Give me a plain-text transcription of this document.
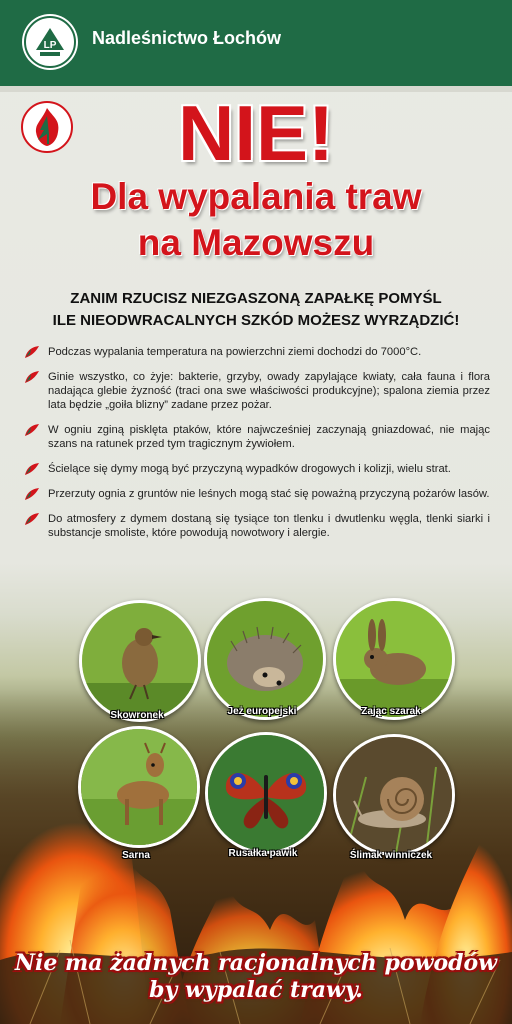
LP Nadleśnictwo Łochów
NIE!
Dla wypalania traw
na Mazowszu
ZANIM RZUCISZ NIEZGASZONĄ ZAPAŁKĘ POMYŚL
ILE NIEODWRACALNYCH SZKÓD MOŻESZ WYRZĄDZIĆ!
Podczas wypalania temperatura na powierzchni ziemi dochodzi do 7000°C.
Ginie wszystko, co żyje: bakterie, grzyby, owady zapylające kwiaty, cała fauna i flora nadająca glebie żyzność (traci ona swe właściwości produkcyjne); spalona ziemia przez lata będzie „goiła blizny” zadane przez pożar.
W ogniu zginą pisklęta ptaków, które najwcześniej zaczynają gniazdować, nie mając szans na ratunek przed tym tragicznym żywiołem.
Ścielące się dymy mogą być przyczyną wypadków drogowych i kolizji, wielu strat.
Przerzuty ognia z gruntów nie leśnych mogą stać się poważną przyczyną pożarów lasów.
Do atmosfery z dymem dostaną się tysiące ton tlenku i dwutlenku węgla, tlenki siarki i substancje smoliste, które powodują nowotwory i alergie.
Skowronek	Jeż europejski	Zając szarak
Sarna	Rusałka pawik	Ślimak winniczek
Nie ma żadnych racjonalnych powodów
by wypalać trawy.
